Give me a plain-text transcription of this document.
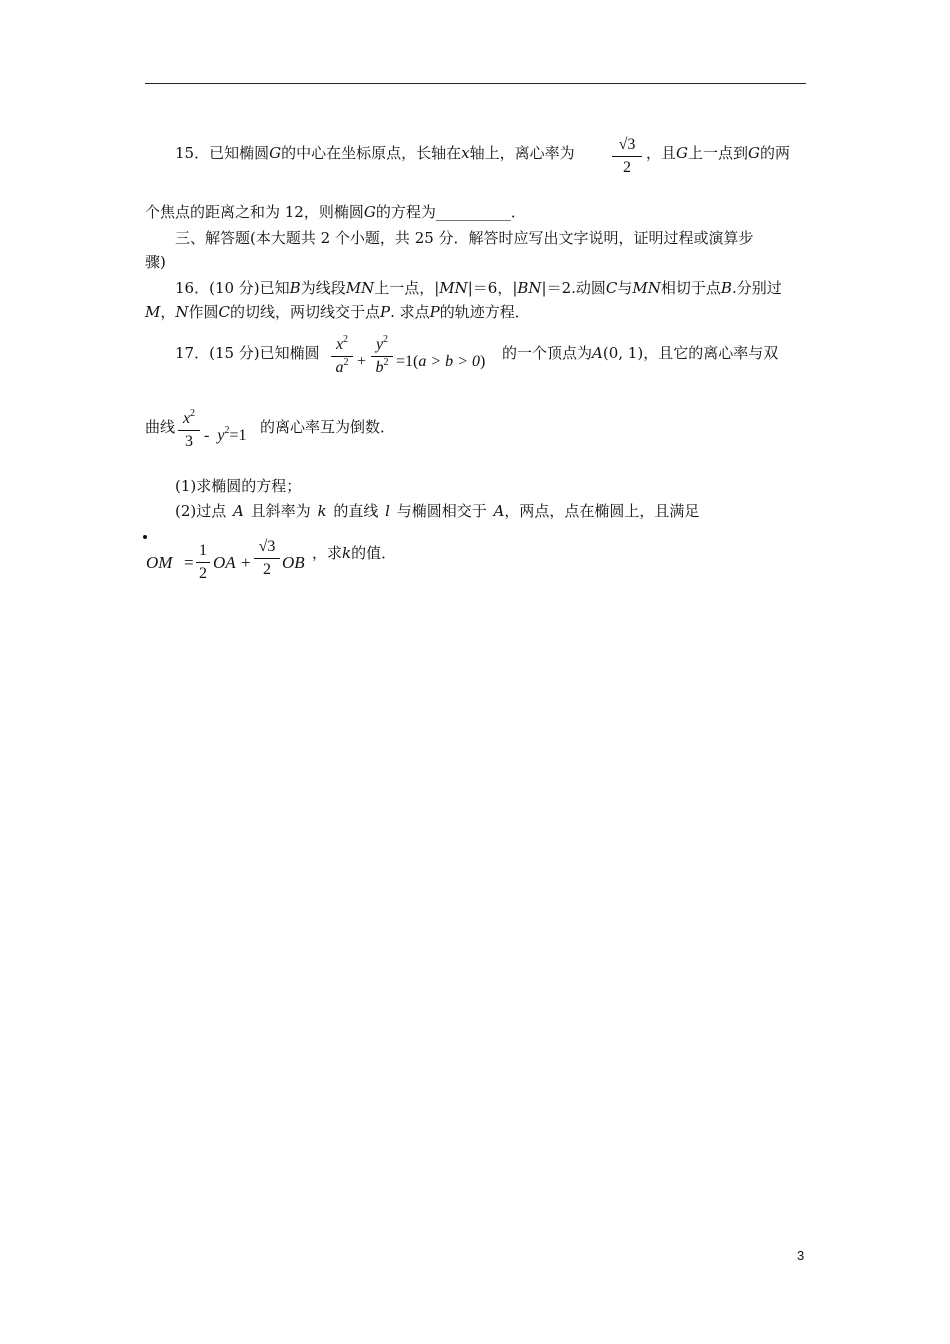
15．已知椭圆G的中心在坐标原点，长轴在x轴上，离心率为	√3
2
，且G上一点到G的两
个焦点的距离之和为 12，则椭圆G的方程为__________．
三、解答题(本大题共 2 个小题，共 25 分．解答时应写出文字说明，证明过程或演算步
骤)
16．(10 分)已知B为线段MN上一点，|MN|＝6，|BN|＝2.动圆C与MN相切于点B.分别过
M，N作圆C的切线，两切线交于点P. 求点P的轨迹方程．
17．(15 分)已知椭圆	$x^2$
$a^2$ +
$y^2$
$b^2 =1(a > b > 0)$ 的一个顶点为A(0, 1)，且它的离心率与双
曲线 $x^2$
$3 - y^2=1$ 的离心率互为倒数．
(1)求椭圆的方程；
(2)过点 A 且斜率为 k 的直线 l 与椭圆相交于 A，两点，点在椭圆上，且满足
OM =
1
2
OA +
√3
2 OB ，求k的值．
3
